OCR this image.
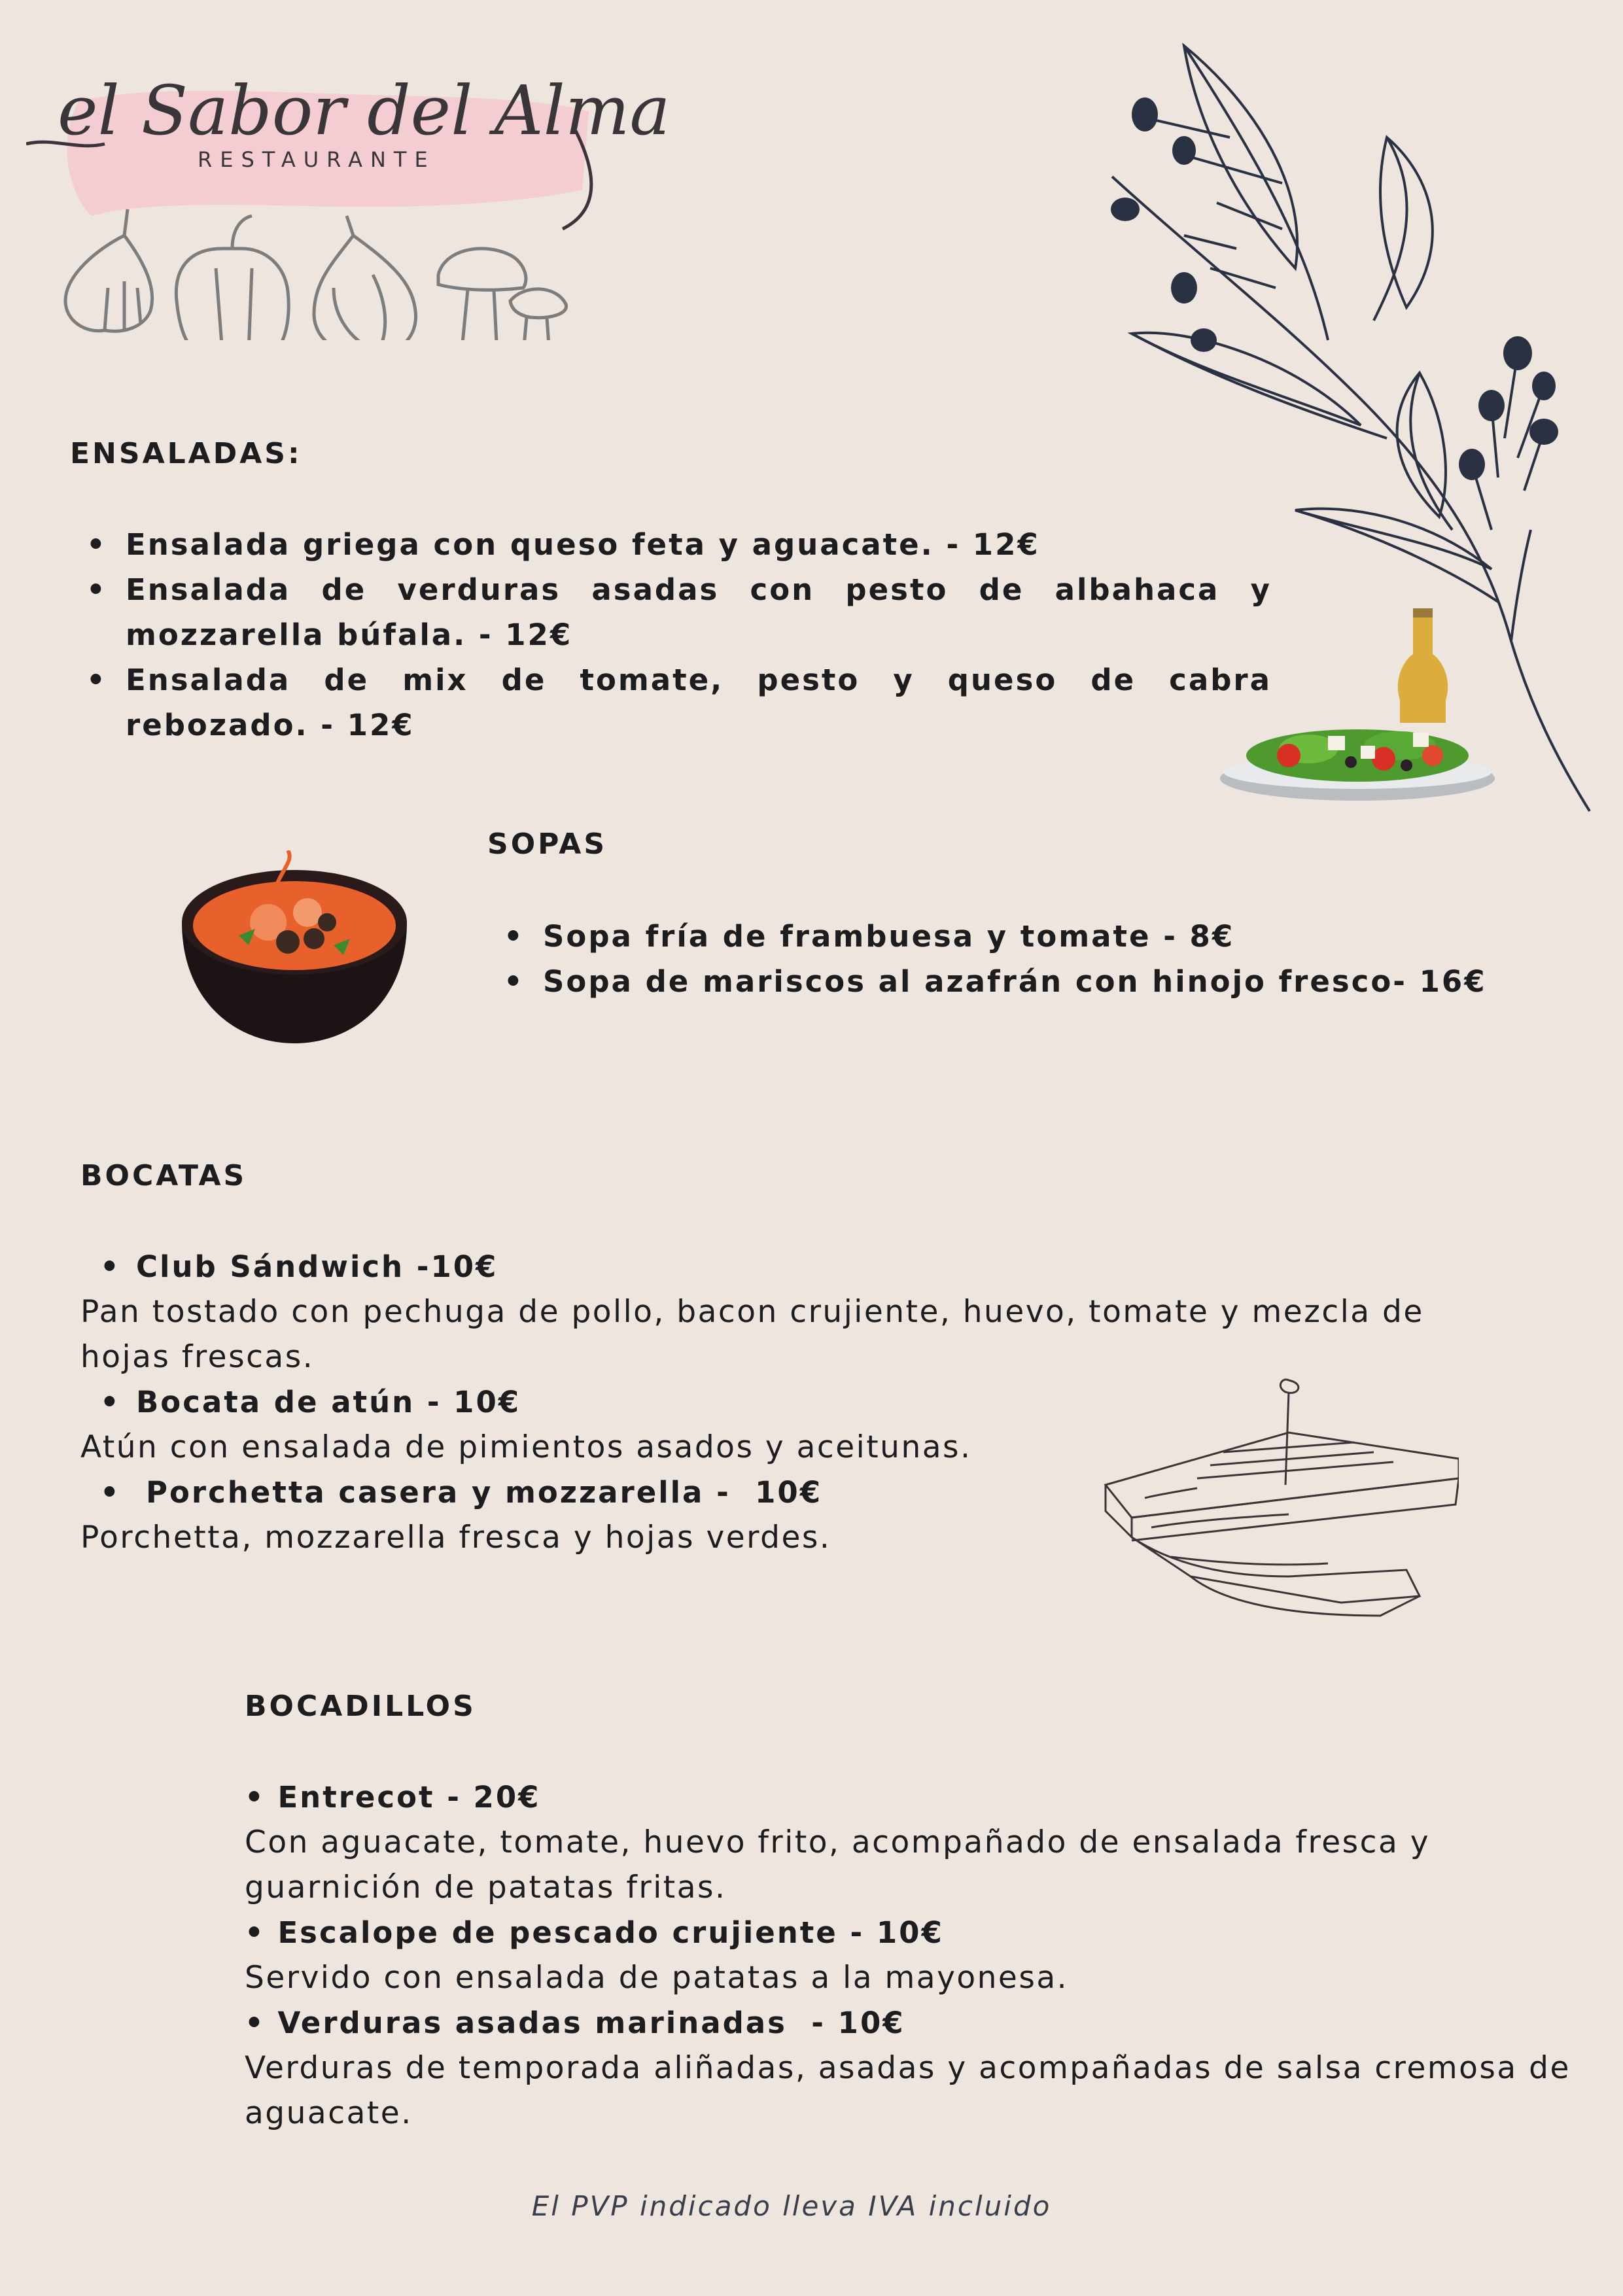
el Sabor del Alma
RESTAURANTE
ENSALADAS:
• Ensalada griega con queso feta y aguacate. - 12€
• Ensalada de verduras asadas con pesto de albahaca y mozzarella búfala. - 12€
• Ensalada de mix de tomate, pesto y queso de cabra rebozado. - 12€
SOPAS
• Sopa fría de frambuesa y tomate - 8€
• Sopa de mariscos al azafrán con hinojo fresco- 16€
BOCATAS
• Club Sándwich -10€
Pan tostado con pechuga de pollo, bacon crujiente, huevo, tomate y mezcla de hojas frescas.
• Bocata de atún - 10€
Atún con ensalada de pimientos asados y aceitunas.
• Porchetta casera y mozzarella -  10€
Porchetta, mozzarella fresca y hojas verdes.
BOCADILLOS
• Entrecot - 20€
Con aguacate, tomate, huevo frito, acompañado de ensalada fresca y guarnición de patatas fritas.
• Escalope de pescado crujiente - 10€
Servido con ensalada de patatas a la mayonesa.
• Verduras asadas marinadas  - 10€
Verduras de temporada aliñadas, asadas y acompañadas de salsa cremosa de aguacate.
El PVP indicado lleva IVA incluido
